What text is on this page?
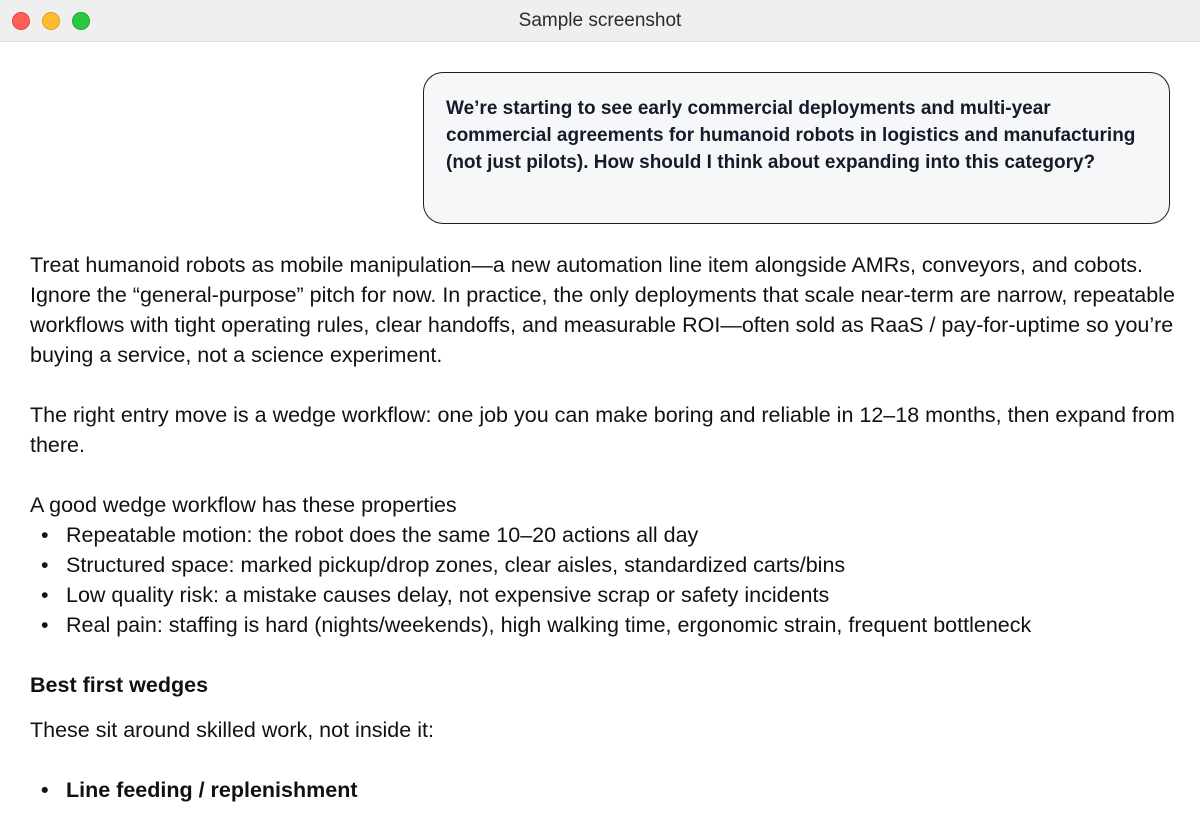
Sample screenshot

We’re starting to see early commercial deployments and multi-year commercial agreements for humanoid robots in logistics and manufacturing (not just pilots). How should I think about expanding into this category?

Treat humanoid robots as mobile manipulation—a new automation line item alongside AMRs, conveyors, and cobots. Ignore the “general-purpose” pitch for now. In practice, the only deployments that scale near-term are narrow, repeatable workflows with tight operating rules, clear handoffs, and measurable ROI—often sold as RaaS / pay-for-uptime so you’re buying a service, not a science experiment.

The right entry move is a wedge workflow: one job you can make boring and reliable in 12–18 months, then expand from there.

A good wedge workflow has these properties

• Repeatable motion: the robot does the same 10–20 actions all day
• Structured space: marked pickup/drop zones, clear aisles, standardized carts/bins
• Low quality risk: a mistake causes delay, not expensive scrap or safety incidents
• Real pain: staffing is hard (nights/weekends), high walking time, ergonomic strain, frequent bottleneck

Best first wedges

These sit around skilled work, not inside it:

• Line feeding / replenishment
